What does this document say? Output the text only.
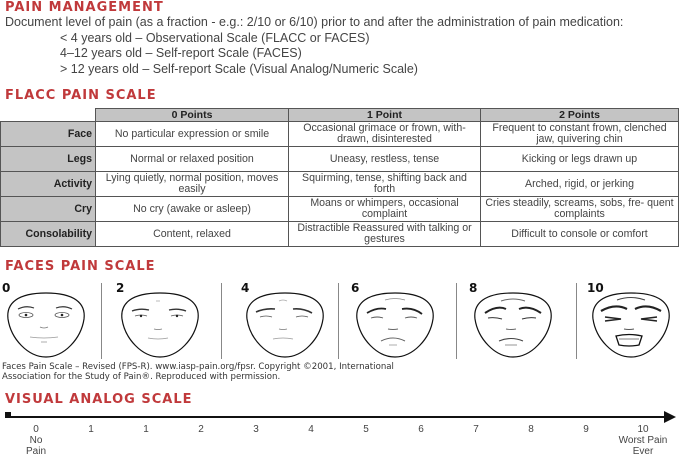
PAIN MANAGEMENT
Document level of pain (as a fraction - e.g.: 2/10 or 6/10) prior to and after the administration of pain medication:
< 4 years old – Observational Scale (FLACC or FACES)
4–12 years old – Self-report Scale (FACES)
> 12 years old – Self-report Scale (Visual Analog/Numeric Scale)
FLACC PAIN SCALE
	0 Points	1 Point	2 Points
Face	No particular expression or smile	Occasional grimace or frown, with- drawn, disinterested	Frequent to constant frown, clenched jaw, quivering chin
Legs	Normal or relaxed position	Uneasy, restless, tense	Kicking or legs drawn up
Activity	Lying quietly, normal position, moves easily	Squirming, tense, shifting back and forth	Arched, rigid, or jerking
Cry	No cry (awake or asleep)	Moans or whimpers, occasional complaint	Cries steadily, screams, sobs, fre- quent complaints
Consolability	Content, relaxed	Distractible Reassured with talking or gestures	Difficult to console or comfort
FACES PAIN SCALE
0	2	4	6	8	10
Faces Pain Scale – Revised (FPS-R). www.iasp-pain.org/fpsr. Copyright ©2001, International
Association for the Study of Pain®. Reproduced with permission.
VISUAL ANALOG SCALE
0
No
Pain
1	1	2	3	4	5	6	7	8	9	10
Worst Pain
Ever
